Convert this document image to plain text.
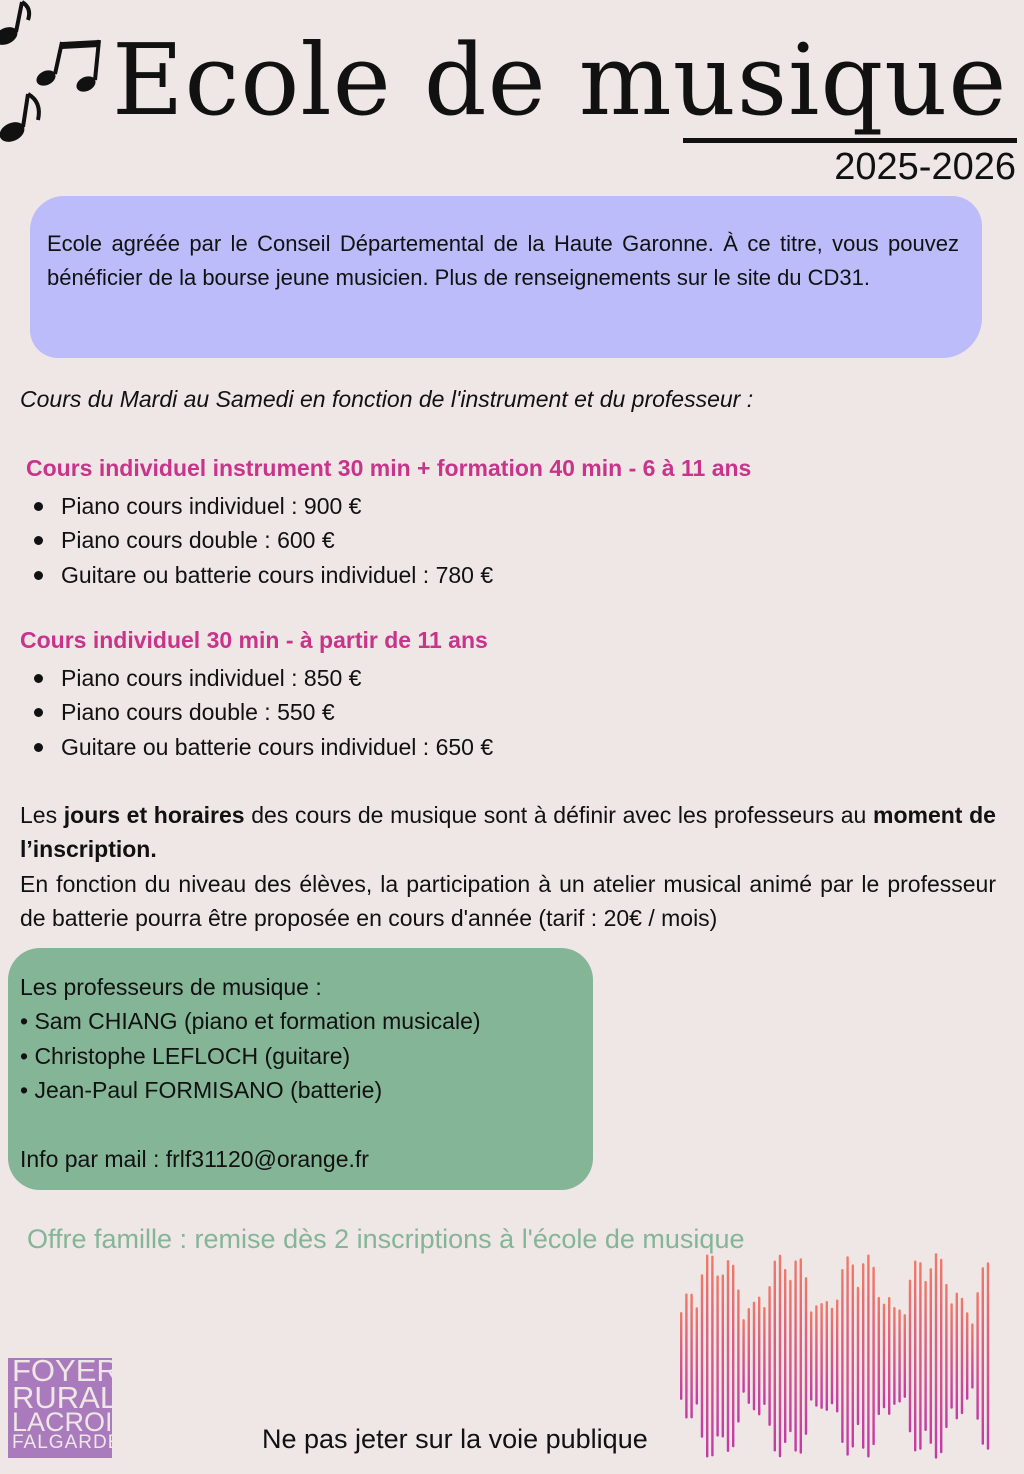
Ecole de musique
2025-2026
Ecole agréée par le Conseil Départemental de la Haute Garonne. À ce titre, vous pouvez bénéficier de la bourse jeune musicien. Plus de renseignements sur le site du CD31.
Cours du Mardi au Samedi en fonction de l'instrument et du professeur :
Cours individuel instrument 30 min + formation 40 min - 6 à 11 ans
Piano cours individuel : 900 €
Piano cours double : 600 €
Guitare ou batterie cours individuel : 780 €
Cours individuel 30 min - à partir de 11 ans
Piano cours individuel : 850 €
Piano cours double : 550 €
Guitare ou batterie cours individuel : 650 €
Les jours et horaires des cours de musique sont à définir avec les professeurs au moment de l’inscription.
En fonction du niveau des élèves, la participation à un atelier musical animé par le professeur de batterie pourra être proposée en cours d'année (tarif : 20€ / mois)
Les professeurs de musique :
• Sam CHIANG (piano et formation musicale)
• Christophe LEFLOCH (guitare)
• Jean-Paul FORMISANO (batterie)
Info par mail : frlf31120@orange.fr
Offre famille : remise dès 2 inscriptions à l'école de musique
FOYER
RURAL
LACROIX
FALGARDE	Ne pas jeter sur la voie publique
